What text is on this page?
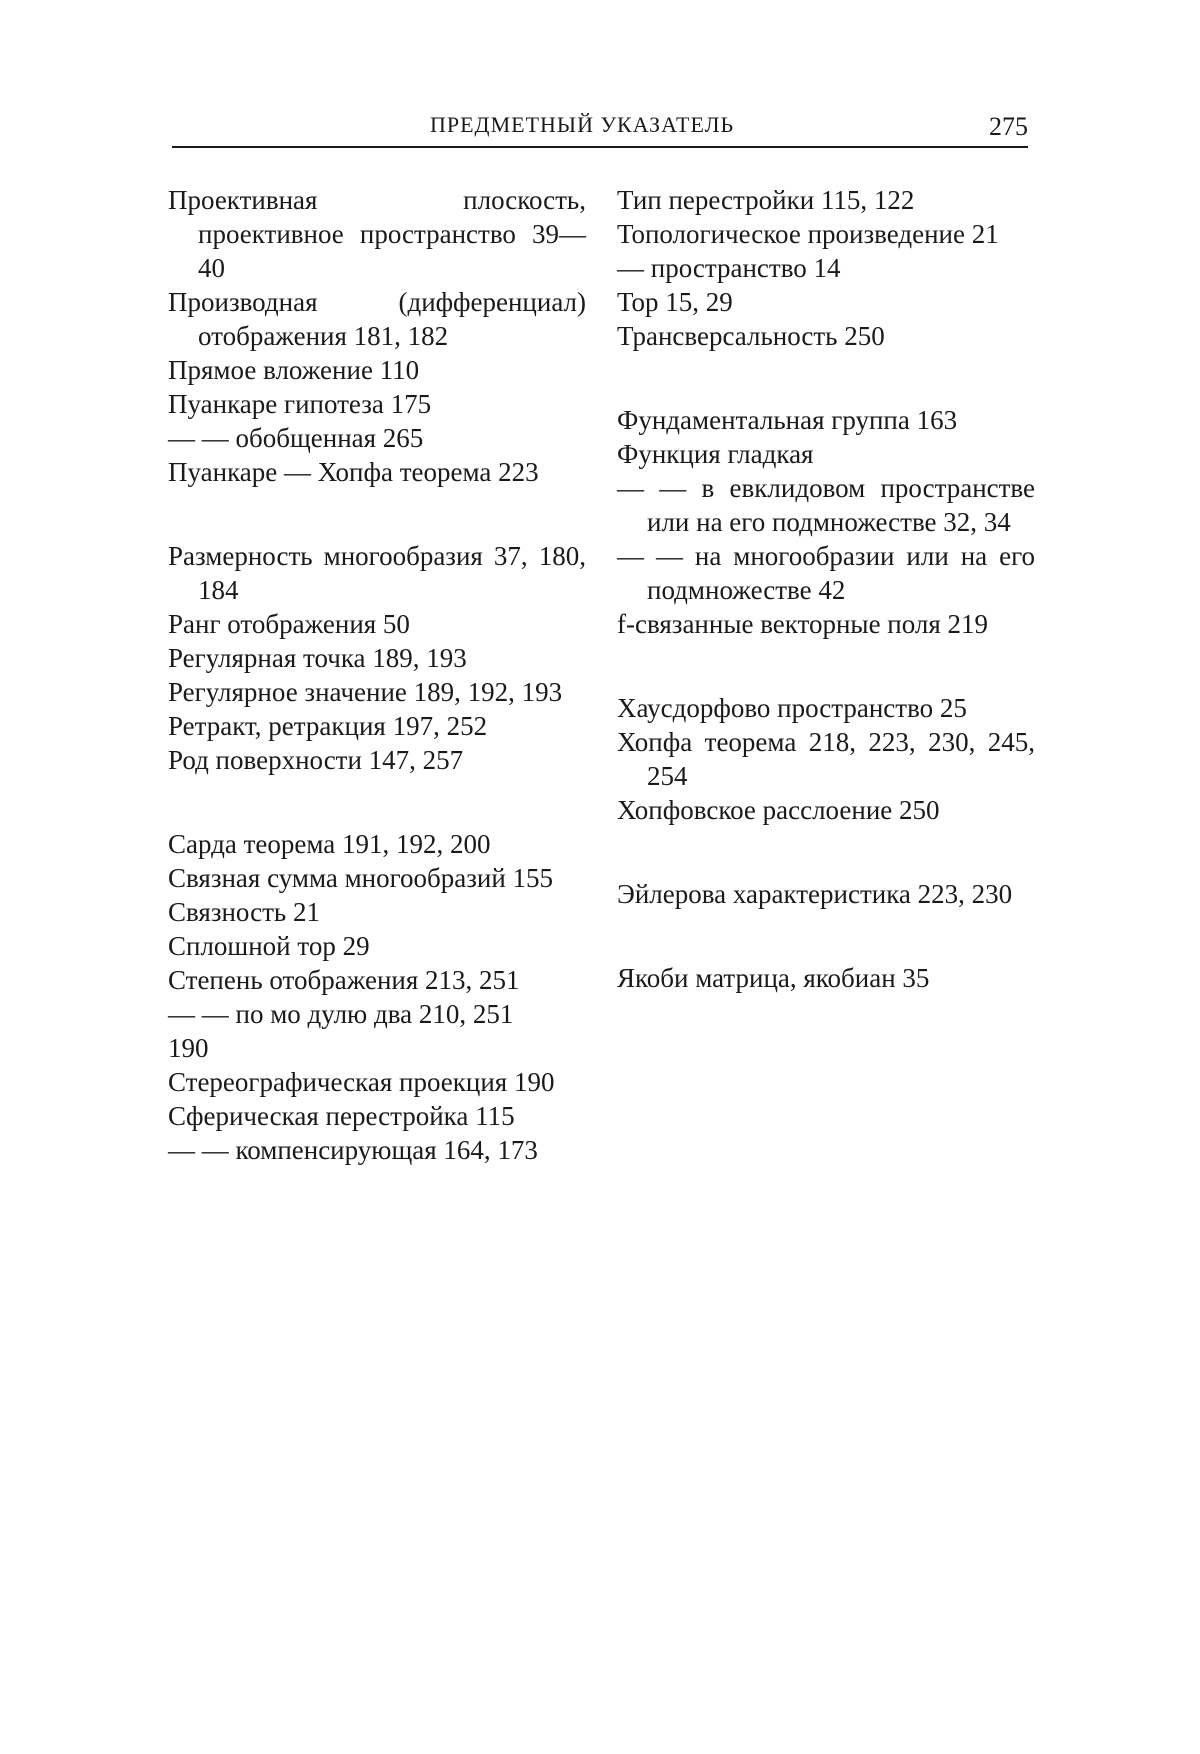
ПРЕДМЕТНЫЙ УКАЗАТЕЛЬ	275
Проективная плоскость, проективное пространство 39—40
Производная (дифференциал) отображения 181, 182
Прямое вложение 110
Пуанкаре гипотеза 175
— — обобщенная 265
Пуанкаре — Хопфа теорема 223
Размерность многообразия 37, 180, 184
Ранг отображения 50
Регулярная точка 189, 193
Регулярное значение 189, 192, 193
Ретракт, ретракция 197, 252
Род поверхности 147, 257
Сарда теорема 191, 192, 200
Связная сумма многообразий 155
Связность 21
Сплошной тор 29
Степень отображения 213, 251
— — по мо дулю два 210, 251
190
Стереографическая проекция 190
Сферическая перестройка 115
— — компенсирующая 164, 173
Тип перестройки 115, 122
Топологическое произведение 21
— пространство 14
Тор 15, 29
Трансверсальность 250
Фундаментальная группа 163
Функция гладкая
— — в евклидовом пространстве или на его подмножестве 32, 34
— — на многообразии или на его подмножестве 42
f-связанные векторные поля 219
Хаусдорфово пространство 25
Хопфа теорема 218, 223, 230, 245, 254
Хопфовское расслоение 250
Эйлерова характеристика 223, 230
Якоби матрица, якобиан 35
